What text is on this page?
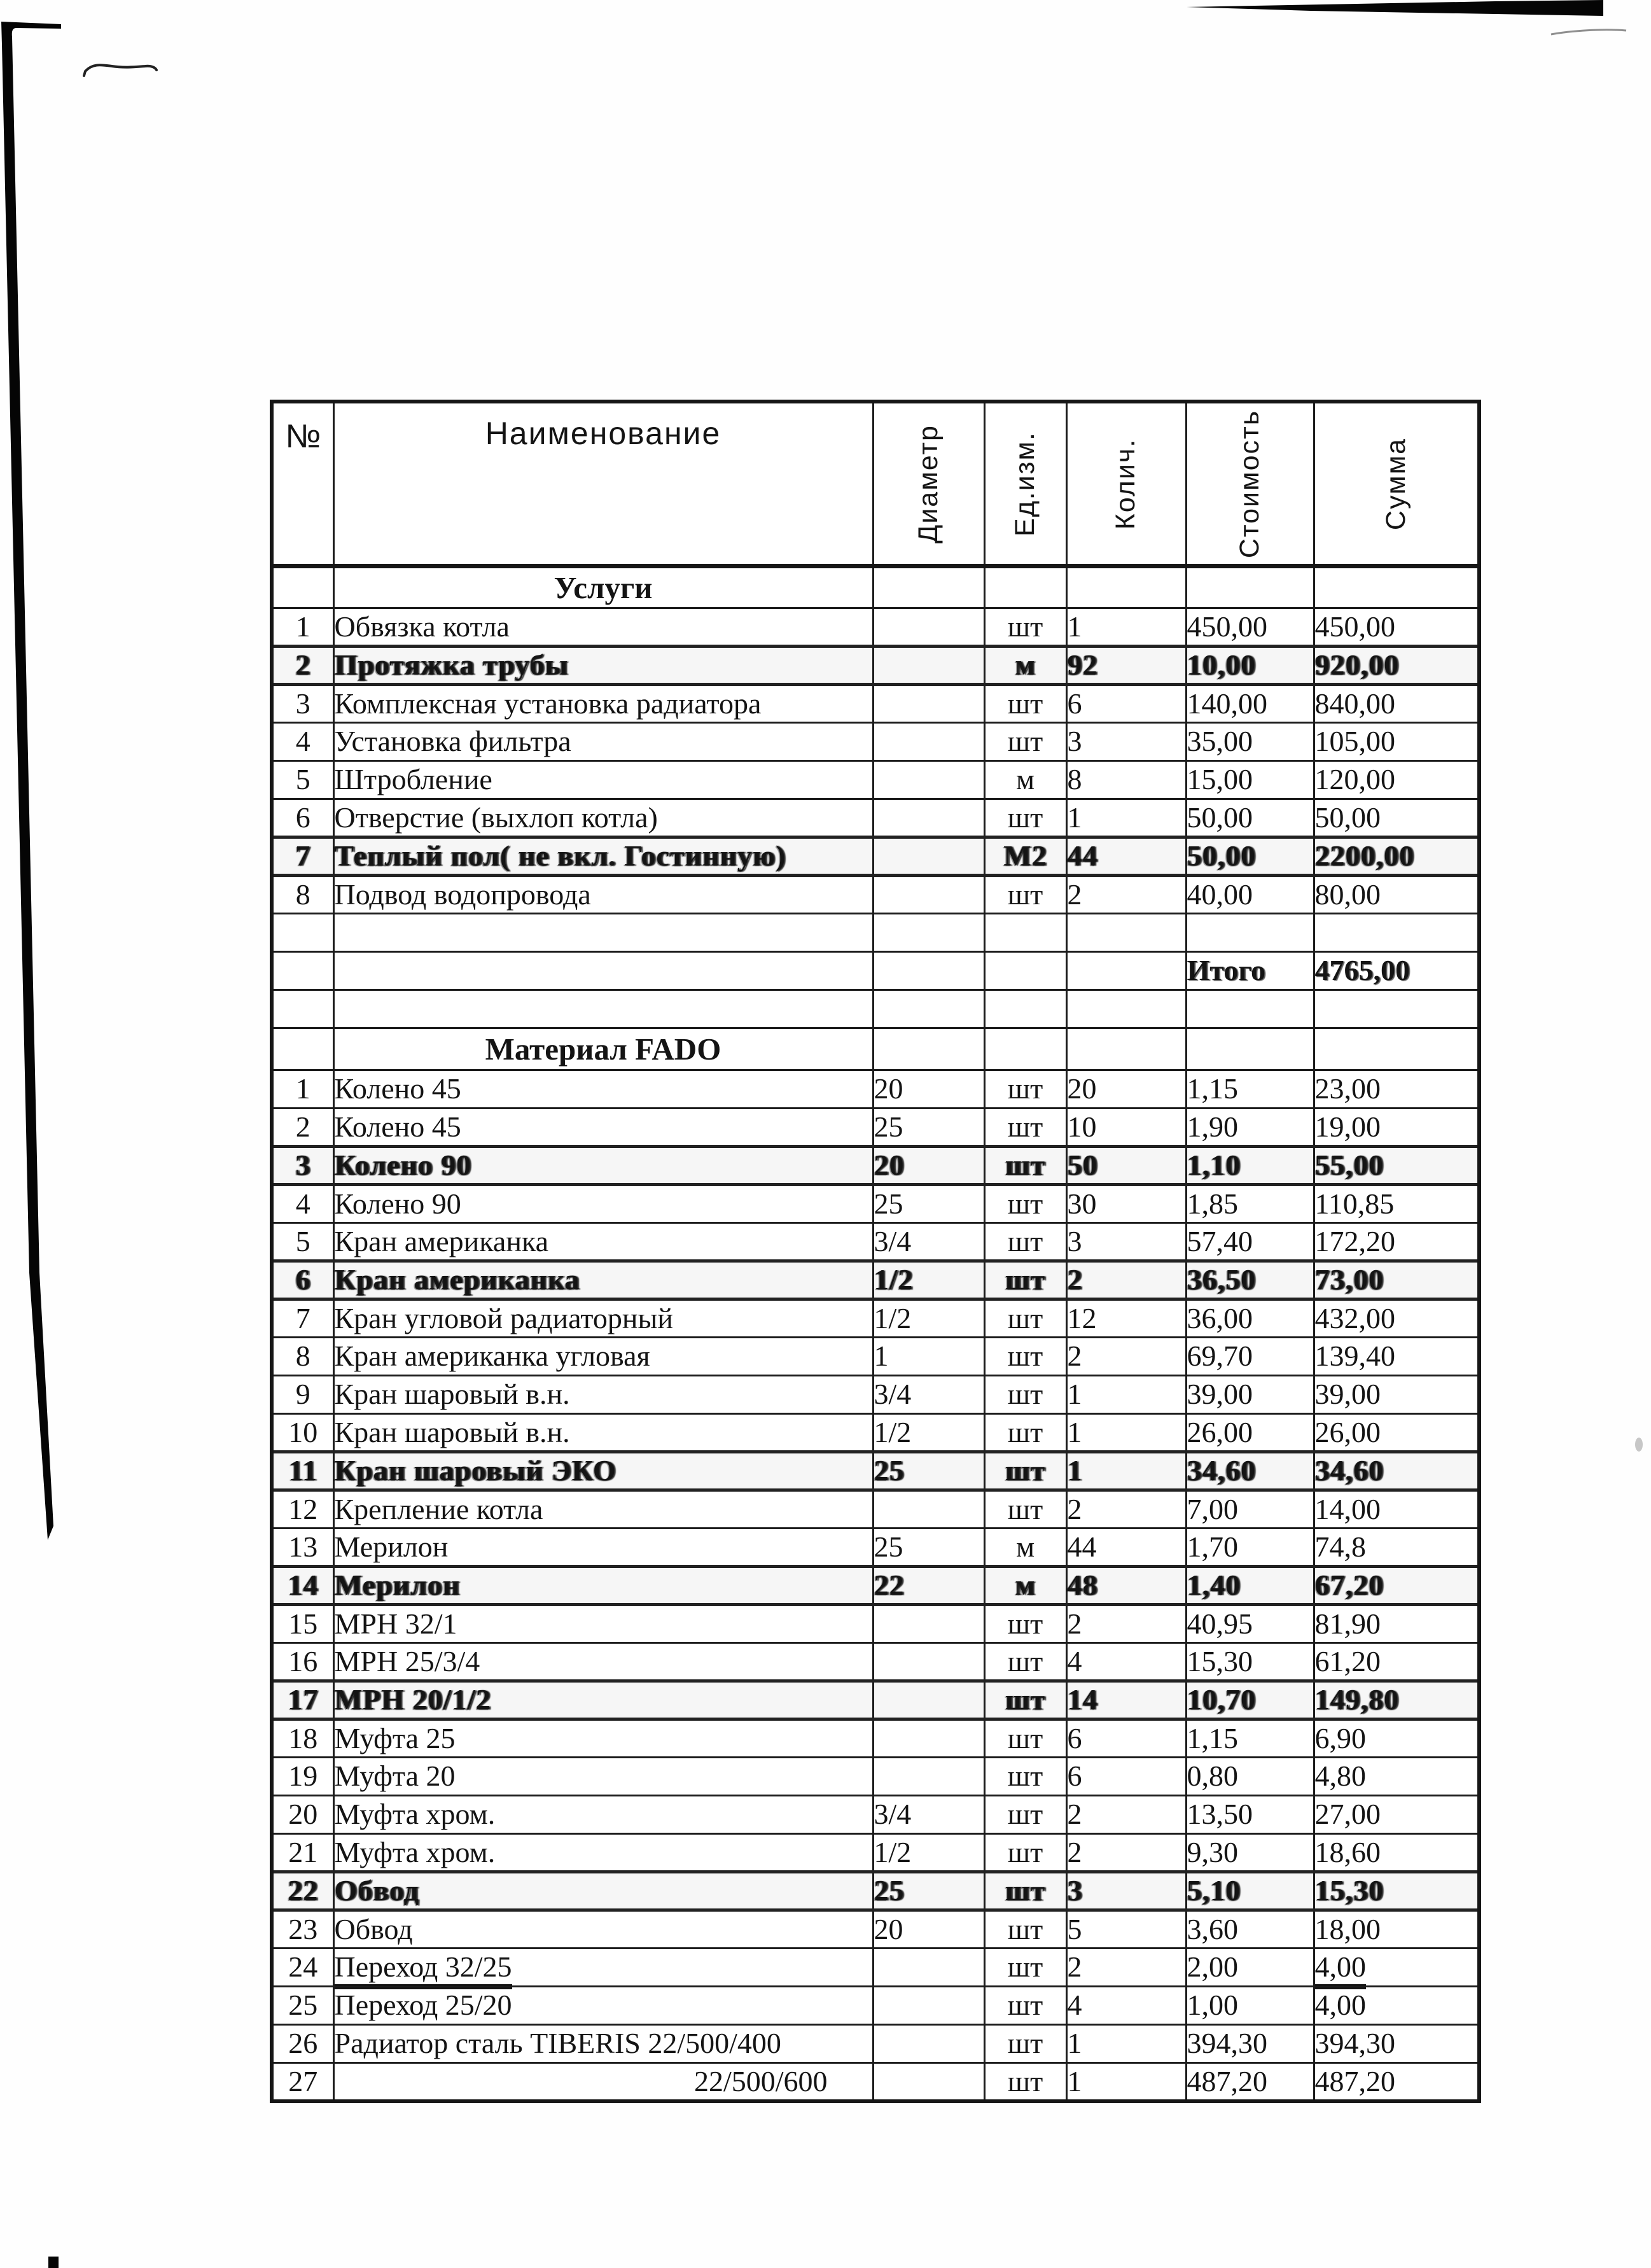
№	Наименование	Диаметр	Ед.изм.	Колич.	Стоимость	Сумма

	Услуги					
1	Обвязка котла		шт	1	450,00	450,00
2	Протяжка трубы		м	92	10,00	920,00
3	Комплексная установка радиатора		шт	6	140,00	840,00
4	Установка фильтра		шт	3	35,00	105,00
5	Штробление		м	8	15,00	120,00
6	Отверстие (выхлоп котла)		шт	1	50,00	50,00
7	Теплый пол( не вкл. Гостинную)		М2	44	50,00	2200,00
8	Подвод водопровода		шт	2	40,00	80,00

					Итого	4765,00

	Материал FADO					
1	Колено 45	20	шт	20	1,15	23,00
2	Колено 45	25	шт	10	1,90	19,00
3	Колено 90	20	шт	50	1,10	55,00
4	Колено 90	25	шт	30	1,85	110,85
5	Кран американка	3/4	шт	3	57,40	172,20
6	Кран американка	1/2	шт	2	36,50	73,00
7	Кран угловой радиаторный	1/2	шт	12	36,00	432,00
8	Кран американка угловая	1	шт	2	69,70	139,40
9	Кран шаровый в.н.	3/4	шт	1	39,00	39,00
10	Кран шаровый в.н.	1/2	шт	1	26,00	26,00
11	Кран шаровый ЭКО	25	шт	1	34,60	34,60
12	Крепление котла		шт	2	7,00	14,00
13	Мерилон	25	м	44	1,70	74,8
14	Мерилон	22	м	48	1,40	67,20
15	МРН 32/1		шт	2	40,95	81,90
16	МРН 25/3/4		шт	4	15,30	61,20
17	МРН 20/1/2		шт	14	10,70	149,80
18	Муфта 25		шт	6	1,15	6,90
19	Муфта 20		шт	6	0,80	4,80
20	Муфта хром.	3/4	шт	2	13,50	27,00
21	Муфта хром.	1/2	шт	2	9,30	18,60
22	Обвод	25	шт	3	5,10	15,30
23	Обвод	20	шт	5	3,60	18,00
24	Переход 32/25		шт	2	2,00	4,00
25	Переход 25/20		шт	4	1,00	4,00
26	Радиатор сталь TIBERIS 22/500/400		шт	1	394,30	394,30
27	22/500/600		шт	1	487,20	487,20
